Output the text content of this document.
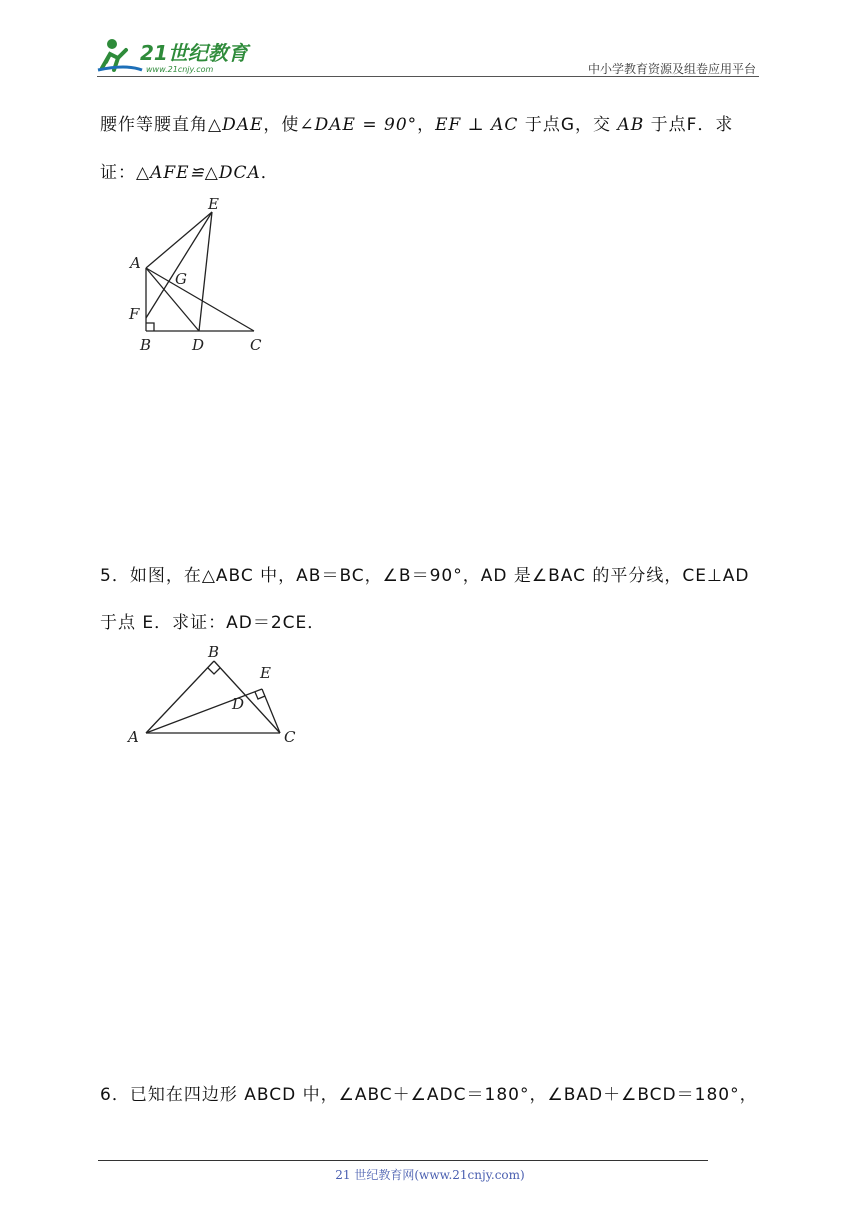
21世纪教育
www.21cnjy.com	中小学教育资源及组卷应用平台
腰作等腰直角△DAE，使∠DAE = 90°，EF ⊥ AC 于点G，交 AB 于点F．求
证：△AFE≌△DCA．
E
A
G
F
B	D	C
5．如图，在△ABC 中，AB＝BC，∠B＝90°，AD 是∠BAC 的平分线，CE⊥AD
于点 E．求证：AD＝2CE．
B
E
D
A	C
6．已知在四边形 ABCD 中，∠ABC＋∠ADC＝180°，∠BAD＋∠BCD＝180°，
21 世纪教育网(www.21cnjy.com)
